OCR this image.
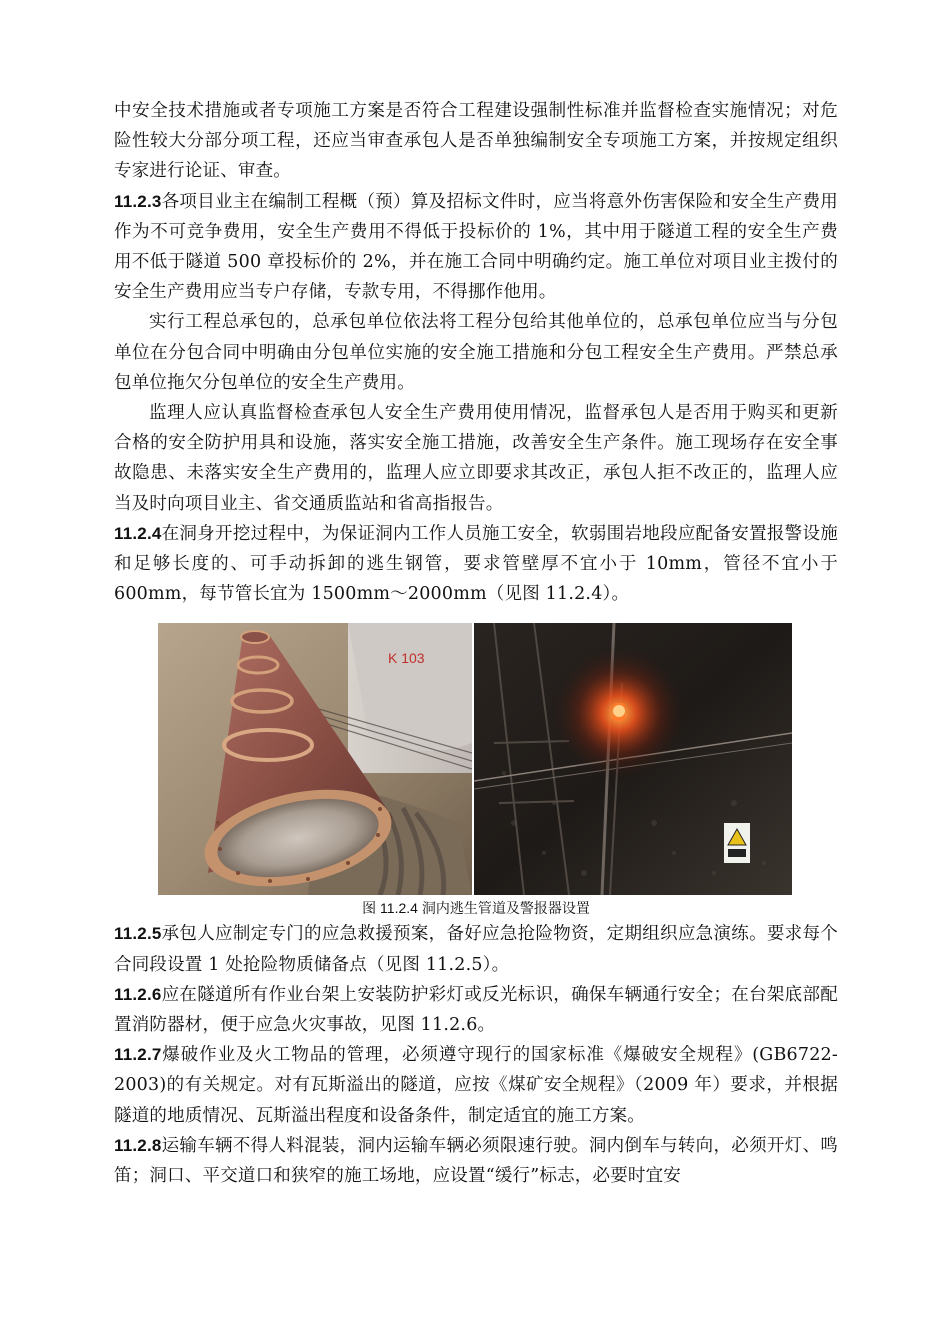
中安全技术措施或者专项施工方案是否符合工程建设强制性标准并监督检查实施情况；对危险性较大分部分项工程，还应当审查承包人是否单独编制安全专项施工方案，并按规定组织专家进行论证、审查。

11.2.3各项目业主在编制工程概（预）算及招标文件时，应当将意外伤害保险和安全生产费用作为不可竞争费用，安全生产费用不得低于投标价的 1%，其中用于隧道工程的安全生产费用不低于隧道 500 章投标价的 2%，并在施工合同中明确约定。施工单位对项目业主拨付的安全生产费用应当专户存储，专款专用，不得挪作他用。

实行工程总承包的，总承包单位依法将工程分包给其他单位的，总承包单位应当与分包单位在分包合同中明确由分包单位实施的安全施工措施和分包工程安全生产费用。严禁总承包单位拖欠分包单位的安全生产费用。

监理人应认真监督检查承包人安全生产费用使用情况，监督承包人是否用于购买和更新合格的安全防护用具和设施，落实安全施工措施，改善安全生产条件。施工现场存在安全事故隐患、未落实安全生产费用的，监理人应立即要求其改正，承包人拒不改正的，监理人应当及时向项目业主、省交通质监站和省高指报告。

11.2.4在洞身开挖过程中，为保证洞内工作人员施工安全，软弱围岩地段应配备安置报警设施和足够长度的、可手动拆卸的逃生钢管，要求管壁厚不宜小于 10mm，管径不宜小于 600mm，每节管长宜为 1500mm～2000mm（见图 11.2.4）。

K 103

图 11.2.4 洞内逃生管道及警报器设置

11.2.5承包人应制定专门的应急救援预案，备好应急抢险物资，定期组织应急演练。要求每个合同段设置 1 处抢险物质储备点（见图 11.2.5）。

11.2.6应在隧道所有作业台架上安装防护彩灯或反光标识，确保车辆通行安全；在台架底部配置消防器材，便于应急火灾事故，见图 11.2.6。

11.2.7爆破作业及火工物品的管理，必须遵守现行的国家标准《爆破安全规程》(GB6722-2003)的有关规定。对有瓦斯溢出的隧道，应按《煤矿安全规程》（2009 年）要求，并根据隧道的地质情况、瓦斯溢出程度和设备条件，制定适宜的施工方案。

11.2.8运输车辆不得人料混装，洞内运输车辆必须限速行驶。洞内倒车与转向，必须开灯、鸣笛；洞口、平交道口和狭窄的施工场地，应设置“缓行”标志，必要时宜安
